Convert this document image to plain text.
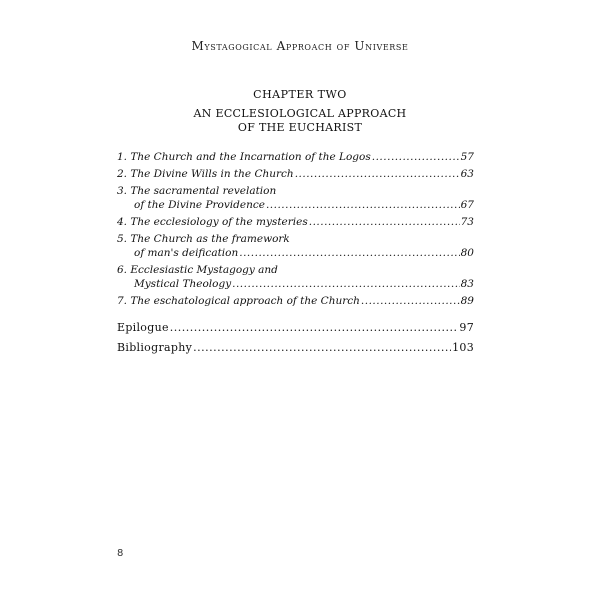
Mystagogical Approach of Universe
CHAPTER TWO
AN ECCLESIOLOGICAL APPROACH
OF THE EUCHARIST
1. The Church and the Incarnation of the Logos .....	57
2. The Divine Wills in the Church .....	63
3. The sacramental revelation
of the Divine Providence .....	67
4. The ecclesiology of the mysteries .....	73
5. The Church as the framework
of man's deification .....	80
6. Ecclesiastic Mystagogy and
Mystical Theology .....	83
7. The eschatological approach of the Church .....	89
Epilogue .....	97
Bibliography .....	103
8
